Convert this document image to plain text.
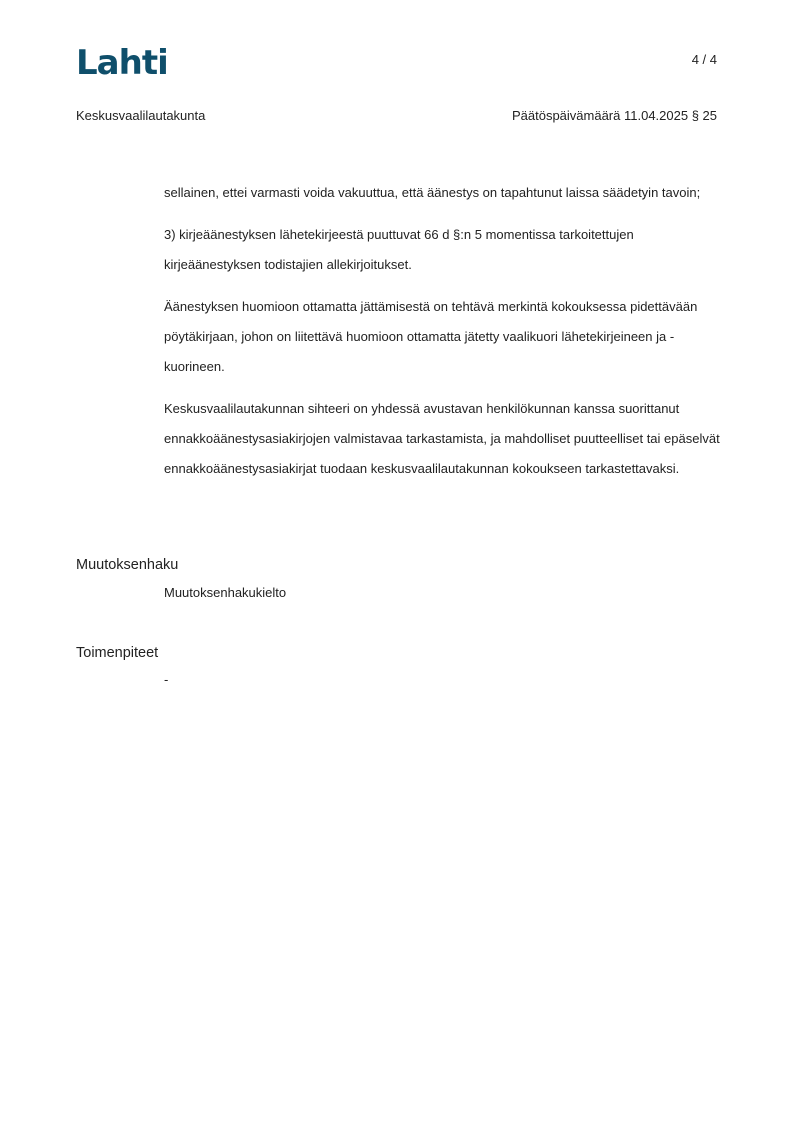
Lahti	4 / 4
Keskusvaalilautakunta	Päätöspäivämäärä 11.04.2025 § 25

sellainen, ettei varmasti voida vakuuttua, että äänestys on tapahtunut laissa säädetyin tavoin;

3) kirjeäänestyksen lähetekirjeestä puuttuvat 66 d §:n 5 momentissa tarkoitettujen kirjeäänestyksen todistajien allekirjoitukset.

Äänestyksen huomioon ottamatta jättämisestä on tehtävä merkintä kokouksessa pidettävään pöytäkirjaan, johon on liitettävä huomioon ottamatta jätetty vaalikuori lähetekirjeineen ja -kuorineen.

Keskusvaalilautakunnan sihteeri on yhdessä avustavan henkilökunnan kanssa suorittanut ennakkoäänestysasiakirjojen valmistavaa tarkastamista, ja mahdolliset puutteelliset tai epäselvät ennakkoäänestysasiakirjat tuodaan keskusvaalilautakunnan kokoukseen tarkastettavaksi.

Muutoksenhaku
Muutoksenhakukielto
Toimenpiteet
-
